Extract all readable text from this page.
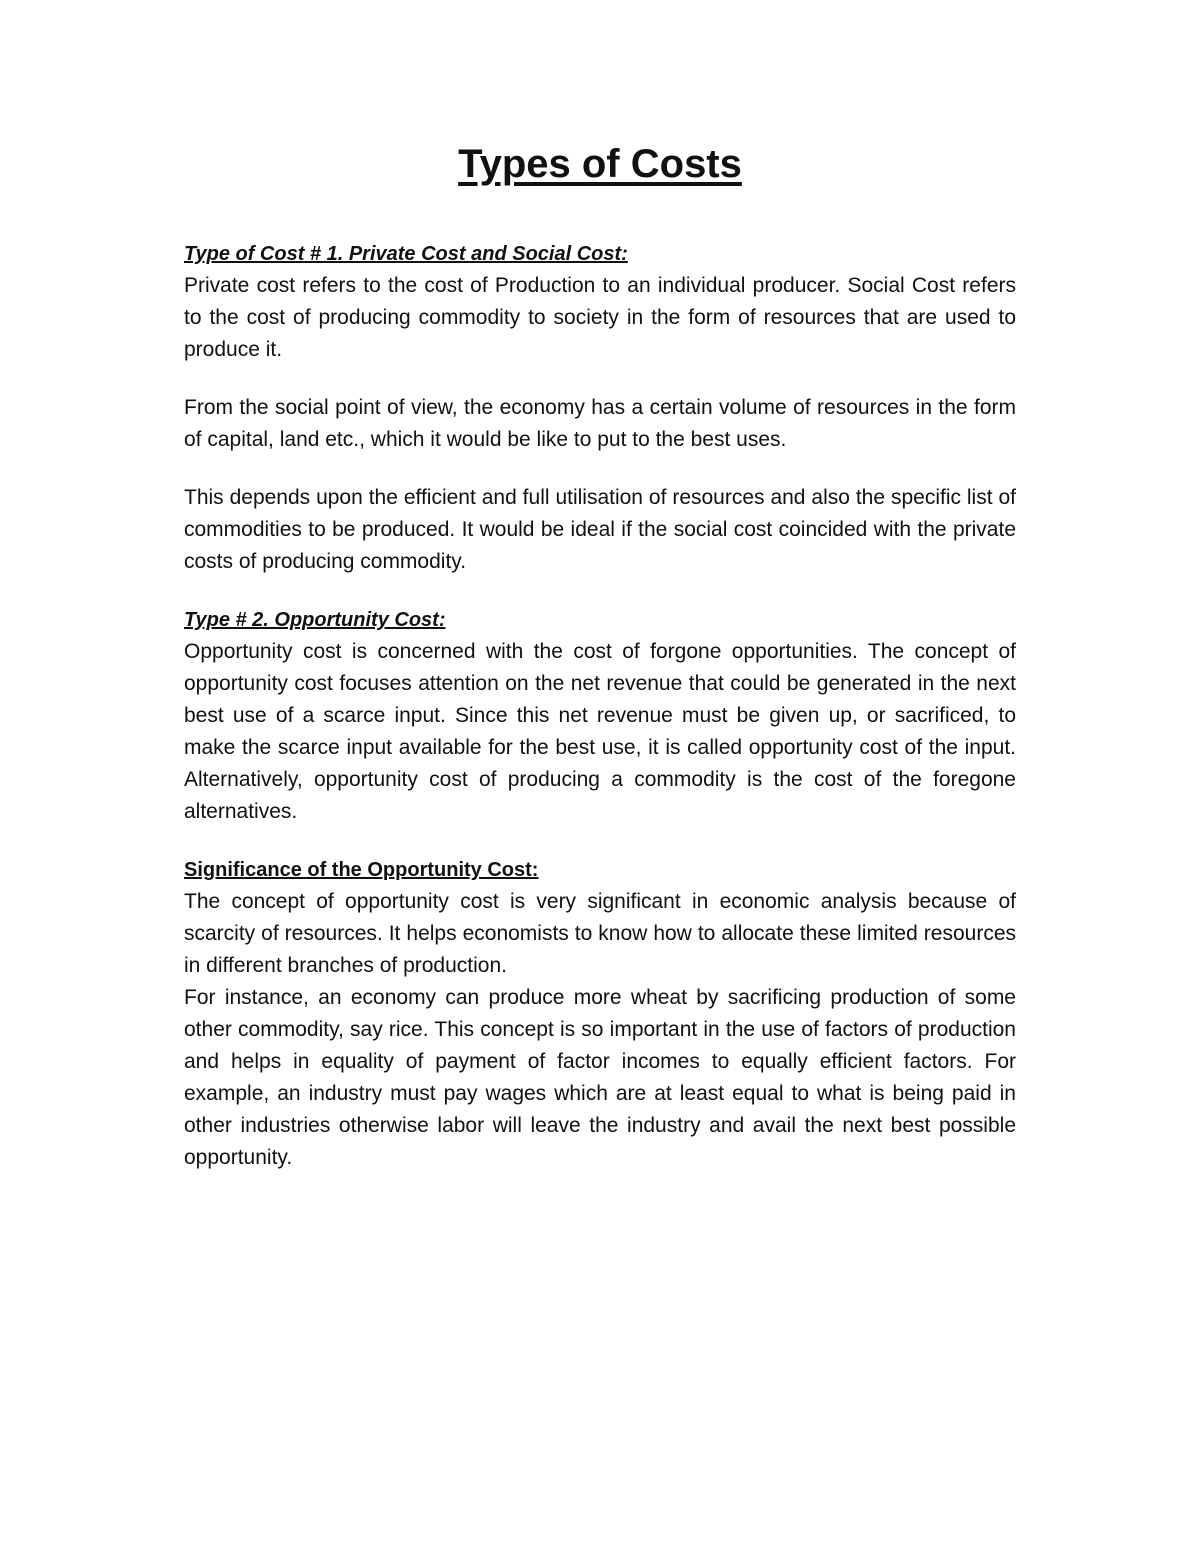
Types of Costs
Type of Cost # 1. Private Cost and Social Cost:

Private cost refers to the cost of Production to an individual producer. Social Cost refers to the cost of producing commodity to society in the form of resources that are used to produce it.

From the social point of view, the economy has a certain volume of resources in the form of capital, land etc., which it would be like to put to the best uses.

This depends upon the efficient and full utilisation of resources and also the specific list of commodities to be produced. It would be ideal if the social cost coincided with the private costs of producing commodity.

Type # 2. Opportunity Cost:

Opportunity cost is concerned with the cost of forgone opportunities. The concept of opportunity cost focuses attention on the net revenue that could be generated in the next best use of a scarce input. Since this net revenue must be given up, or sacrificed, to make the scarce input available for the best use, it is called opportunity cost of the input. Alternatively, opportunity cost of producing a commodity is the cost of the foregone alternatives.

Significance of the Opportunity Cost:

The concept of opportunity cost is very significant in economic analysis because of scarcity of resources. It helps economists to know how to allocate these limited resources in different branches of production.

For instance, an economy can produce more wheat by sacrificing production of some other commodity, say rice. This concept is so important in the use of factors of production and helps in equality of payment of factor incomes to equally efficient factors. For example, an industry must pay wages which are at least equal to what is being paid in other industries otherwise labor will leave the industry and avail the next best possible opportunity.
